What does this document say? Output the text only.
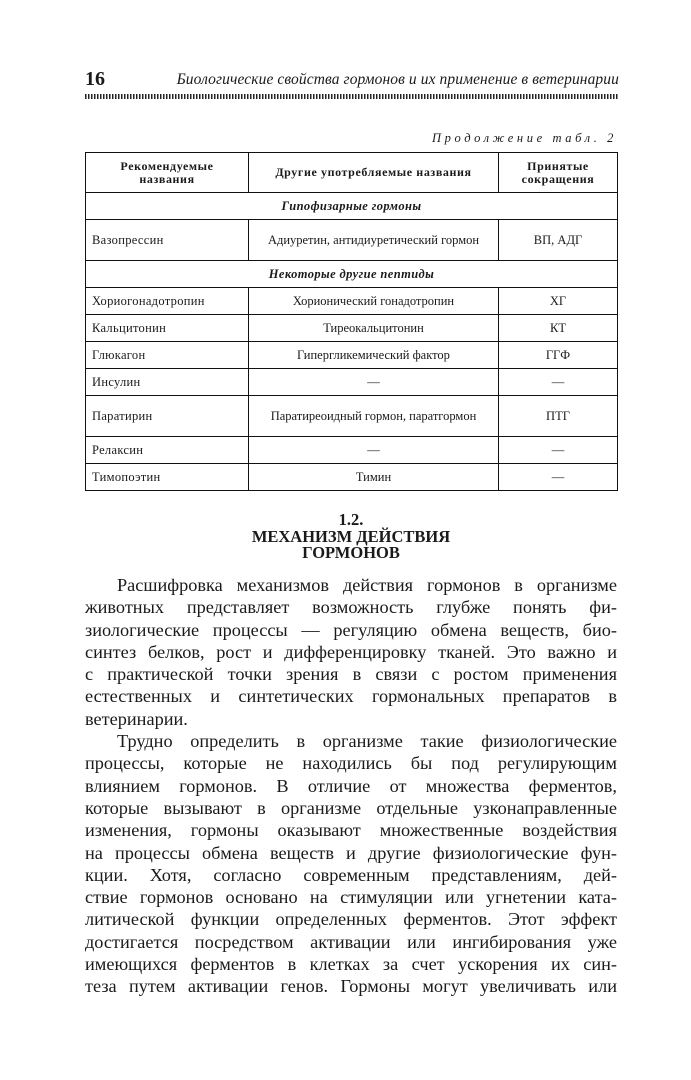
16	Биологические свойства гормонов и их применение в ветеринарии
Продолжение табл. 2
Рекомендуемые названия	Другие употребляемые названия	Принятые сокращения
Гипофизарные гормоны		
Вазопрессин	Адиуретин, антидиуретический гормон	ВП, АДГ
Некоторые другие пептиды		
Хориогонадотропин	Хорионический гонадотропин	ХГ
Кальцитонин	Тиреокальцитонин	КТ
Глюкагон	Гипергликемический фактор	ГГФ
Инсулин	—	—
Паратирин	Паратиреоидный гормон, паратгормон	ПТГ
Релаксин	—	—
Тимопоэтин	Тимин	—
1.2.
МЕХАНИЗМ ДЕЙСТВИЯ
ГОРМОНОВ
Расшифровка механизмов действия гормонов в организме
животных представляет возможность глубже понять фи-
зиологические процессы — регуляцию обмена веществ, био-
синтез белков, рост и дифференцировку тканей. Это важно и
с практической точки зрения в связи с ростом применения
естественных и синтетических гормональных препаратов в
ветеринарии.
Трудно определить в организме такие физиологические
процессы, которые не находились бы под регулирующим
влиянием гормонов. В отличие от множества ферментов,
которые вызывают в организме отдельные узконаправленные
изменения, гормоны оказывают множественные воздействия
на процессы обмена веществ и другие физиологические фун-
кции. Хотя, согласно современным представлениям, дей-
ствие гормонов основано на стимуляции или угнетении ката-
литической функции определенных ферментов. Этот эффект
достигается посредством активации или ингибирования уже
имеющихся ферментов в клетках за счет ускорения их син-
теза путем активации генов. Гормоны могут увеличивать или
